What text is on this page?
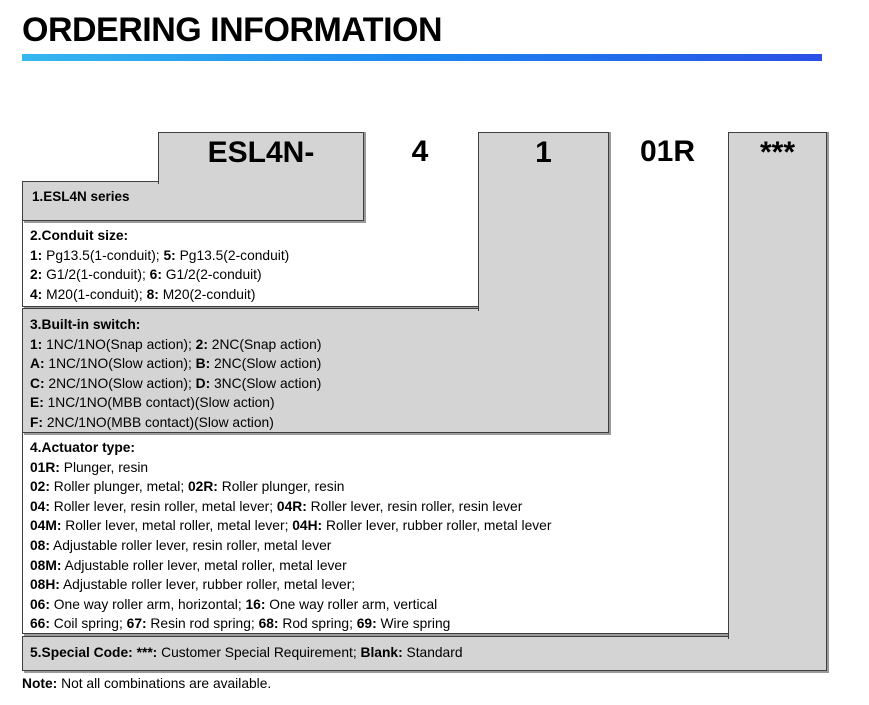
ORDERING INFORMATION
2.Conduit size:
1: Pg13.5(1-conduit); 5: Pg13.5(2-conduit)
2: G1/2(1-conduit); 6: G1/2(2-conduit)
4: M20(1-conduit); 8: M20(2-conduit)
4.Actuator type:
01R: Plunger, resin
02: Roller plunger, metal; 02R: Roller plunger, resin
04: Roller lever, resin roller, metal lever; 04R: Roller lever, resin roller, resin lever
04M: Roller lever, metal roller, metal lever; 04H: Roller lever, rubber roller, metal lever
08: Adjustable roller lever, resin roller, metal lever
08M: Adjustable roller lever, metal roller, metal lever
08H: Adjustable roller lever, rubber roller, metal lever;
06: One way roller arm, horizontal; 16: One way roller arm, vertical
66: Coil spring; 67: Resin rod spring; 68: Rod spring; 69: Wire spring
3.Built-in switch:
1: 1NC/1NO(Snap action); 2: 2NC(Snap action)
A: 1NC/1NO(Slow action); B: 2NC(Slow action)
C: 2NC/1NO(Slow action); D: 3NC(Slow action)
E: 1NC/1NO(MBB contact)(Slow action)
F: 2NC/1NO(MBB contact)(Slow action)
5.Special Code: ***: Customer Special Requirement; Blank: Standard
1.ESL4N series
ESL4N-	4	1	01R	***
Note: Not all combinations are available.
